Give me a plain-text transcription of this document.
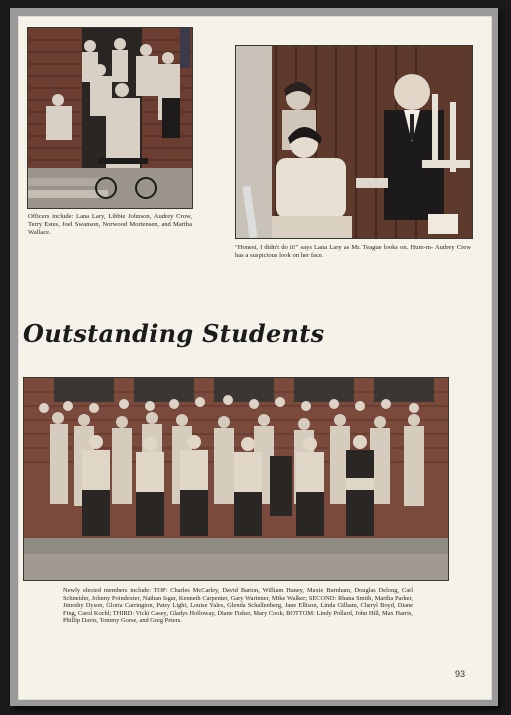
Officers include: Lana Lary, Libbie Johnson, Audrey Crow, Terry Estes, Joel Swanson, Norwood Mortensen, and Martha Wallace.
"Honest, I didn't do it!" says Lana Lary as Mr. Teague looks on. Hum-m- Audrey Crew has a suspicious look on her face.
Outstanding Students
Newly elected members include: TOP: Charles McCarley, David Barton, William Haney, Maxie Burnham, Douglas Delong, Carl Schneider, Johnny Poindexter, Nathan Isgar, Kenneth Carpenter, Gary Warinner, Mike Walker; SECOND: Rhana Smith, Martha Parker, Jimothy Dyson, Gloria Carrington, Patsy Light, Louise Yales, Glenda Schallenberg, Jane Ellison, Linda Gilham, Cheryl Boyd, Diane Fing, Carol Kochl; THIRD: Vicki Casey, Gladys Holloway, Diane Fisher, Mary Cook; BOTTOM: Lindy Pollard, John Hill, Max Harris, Phillip Davis, Tommy Gorse, and Greg Peters.
93
